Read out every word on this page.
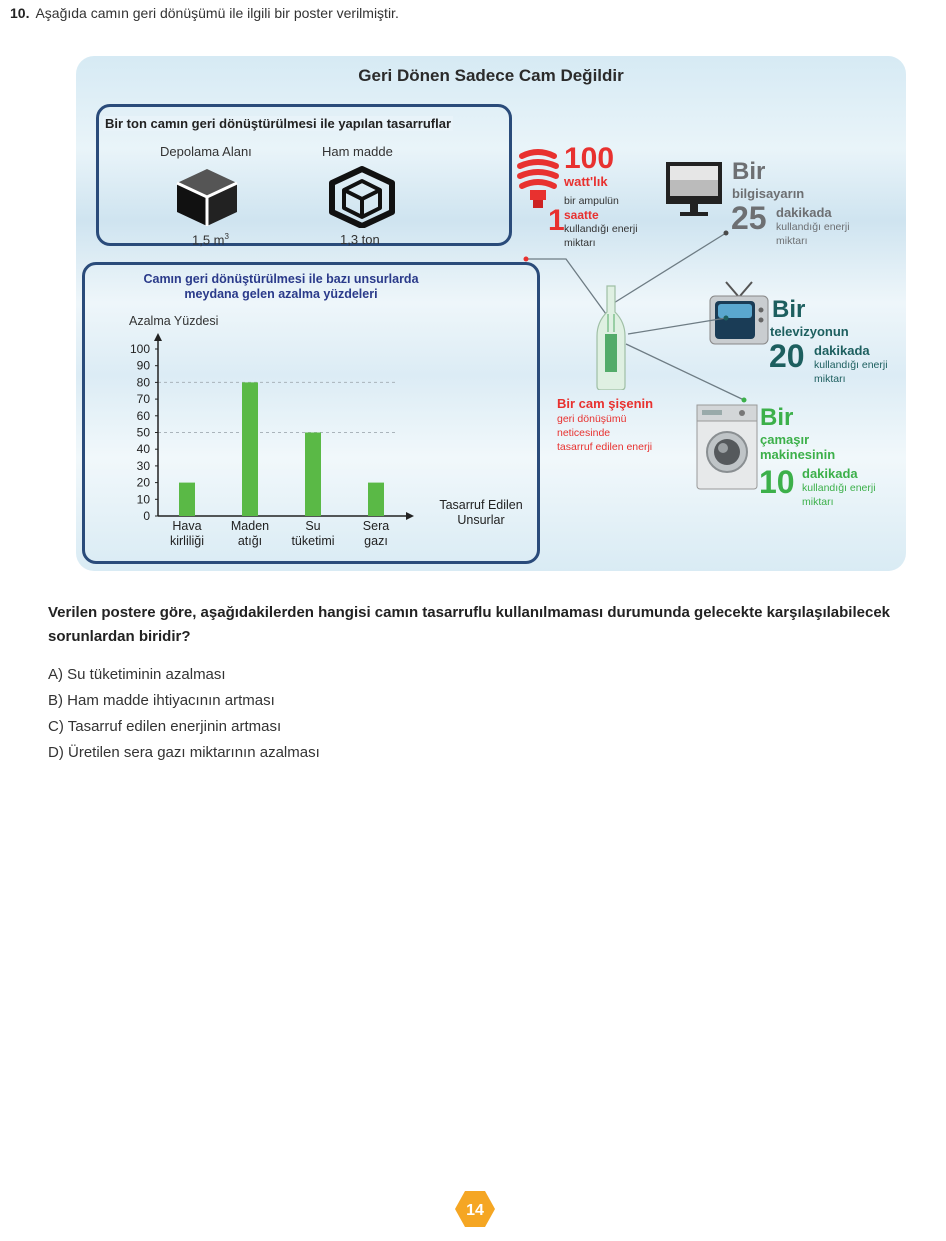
10. Aşağıda camın geri dönüşümü ile ilgili bir poster verilmiştir.
Geri Dönen Sadece Cam Değildir
Bir ton camın geri dönüştürülmesi ile yapılan tasarruflar
Depolama Alanı	Ham madde
1,5 $m^3$	1,3 ton
Camın geri dönüştürülmesi ile bazı unsurlarda meydana gelen azalma yüzdeleri
Azalma Yüzdesi
Tasarruf Edilen Unsurlar
0
10
20
30
40
50
60
70
80
90
100
Hava
kirliliği
Maden
atığı
Su
tüketimi
Sera
gazı
100
watt'lık
bir ampulün
1 saatte
kullandığı enerji
miktarı
Bir
bilgisayarın
25 dakikada
kullandığı enerji
miktarı
Bir
televizyonun
20 dakikada
kullandığı enerji
miktarı
Bir
çamaşır
makinesinin
10 dakikada
kullandığı enerji
miktarı
Bir cam şişenin
geri dönüşümü
neticesinde
tasarruf edilen enerji
Verilen postere göre, aşağıdakilerden hangisi camın tasarruflu kullanılmaması durumunda gelecekte karşılaşılabilecek sorunlardan biridir?
A) Su tüketiminin azalması
B) Ham madde ihtiyacının artması
C) Tasarruf edilen enerjinin artması
D) Üretilen sera gazı miktarının azalması
14
